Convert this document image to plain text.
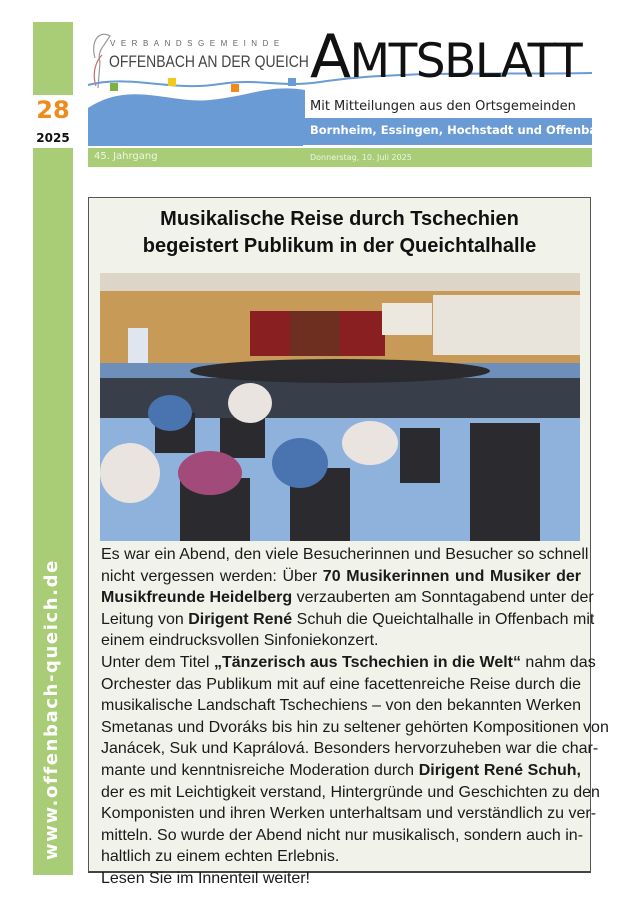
28
2025
www.offenbach-queich.de
VERBANDSGEMEINDE
OFFENBACH AN DER QUEICH AMTSBLATT
Mit Mitteilungen aus den Ortsgemeinden
Bornheim, Essingen, Hochstadt und Offenbach
45. Jahrgang	Donnerstag, 10. Juli 2025
Musikalische Reise durch Tschechien
begeistert Publikum in der Queichtalhalle
Es war ein Abend, den viele Besucherinnen und Besucher so schnell
nicht vergessen werden: Über 70 Musikerinnen und Musiker der
Musikfreunde Heidelberg verzauberten am Sonntagabend unter der
Leitung von Dirigent René Schuh die Queichtalhalle in Offenbach mit
einem eindrucksvollen Sinfoniekonzert.
Unter dem Titel „Tänzerisch aus Tschechien in die Welt“ nahm das
Orchester das Publikum mit auf eine facettenreiche Reise durch die
musikalische Landschaft Tschechiens – von den bekannten Werken
Smetanas und Dvoráks bis hin zu seltener gehörten Kompositionen von
Janácek, Suk und Kaprálová. Besonders hervorzuheben war die char-
mante und kenntnisreiche Moderation durch Dirigent René Schuh,
der es mit Leichtigkeit verstand, Hintergründe und Geschichten zu den
Komponisten und ihren Werken unterhaltsam und verständlich zu ver-
mitteln. So wurde der Abend nicht nur musikalisch, sondern auch in-
haltlich zu einem echten Erlebnis.
Lesen Sie im Innenteil weiter!
